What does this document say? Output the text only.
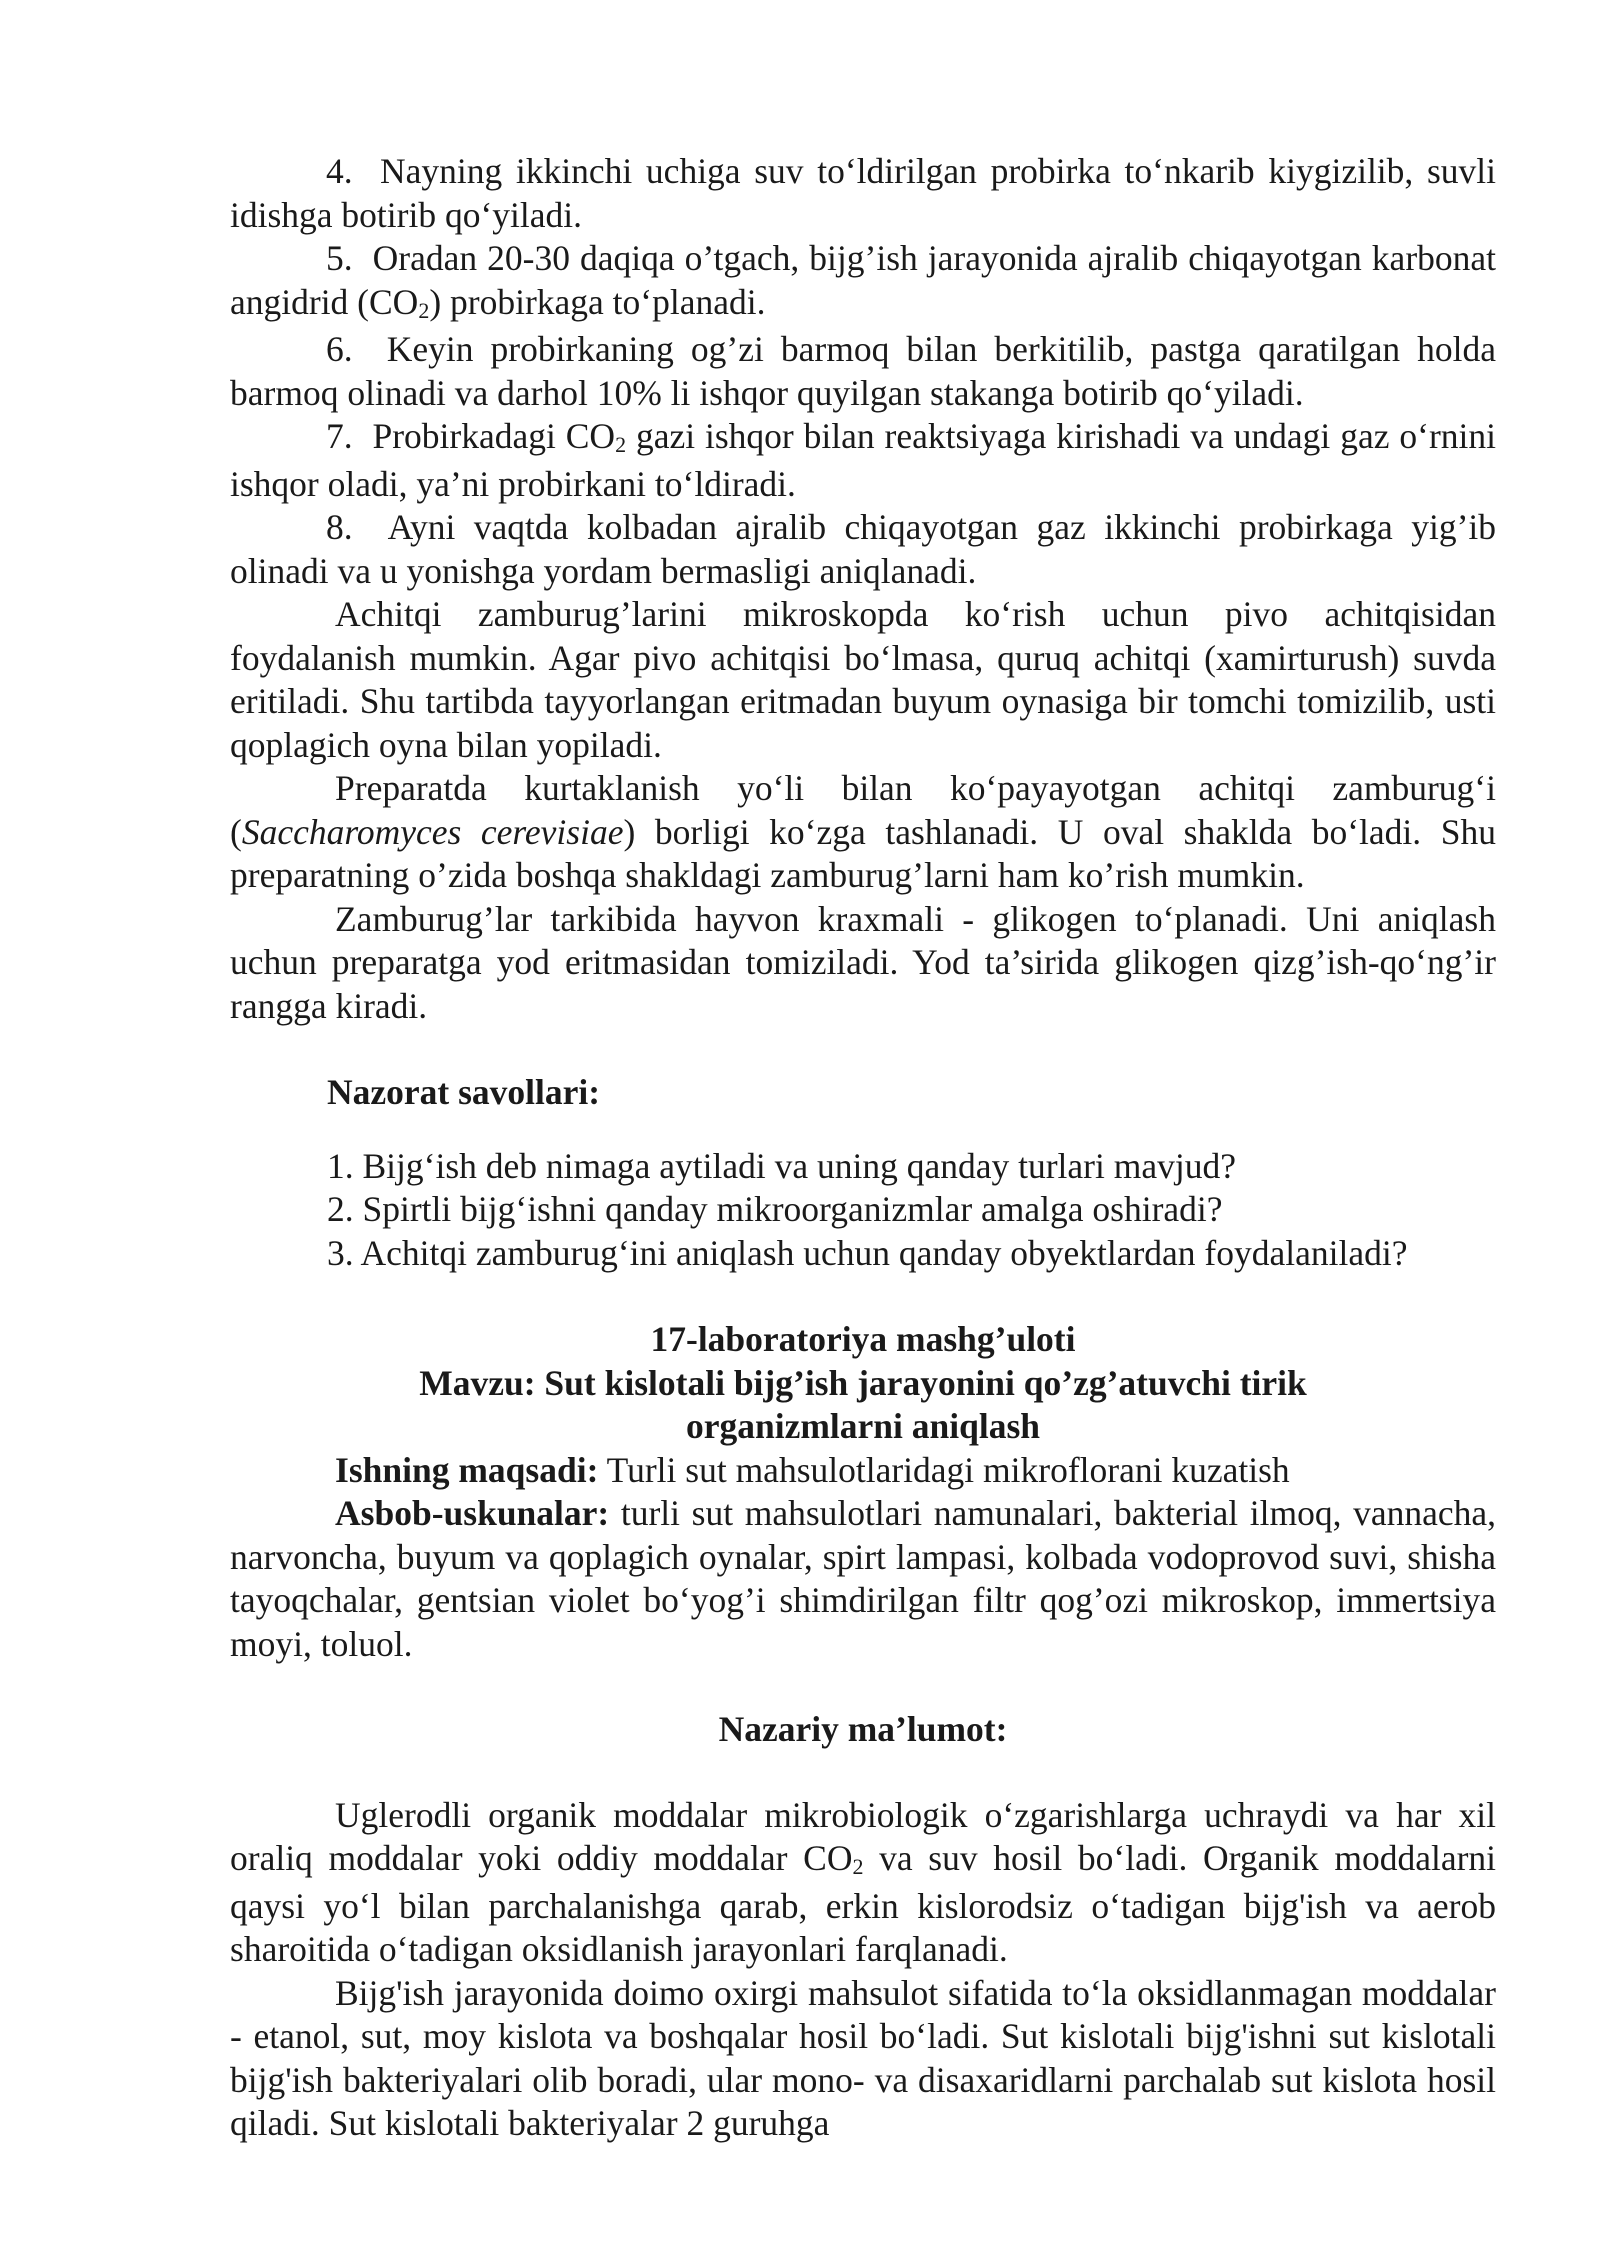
4. Nayning ikkinchi uchiga suv to‘ldirilgan probirka to‘nkarib kiygizilib, suvli idishga botirib qo‘yiladi.

5. Oradan 20-30 daqiqa o’tgach, bijg’ish jarayonida ajralib chiqayotgan karbonat angidrid $(CO_2)$ probirkaga to‘planadi.

6. Keyin probirkaning og’zi barmoq bilan berkitilib, pastga qaratilgan holda barmoq olinadi va darhol 10% li ishqor quyilgan stakanga botirib qo‘yiladi.

7. Probirkadagi $CO_2$ gazi ishqor bilan reaktsiyaga kirishadi va undagi gaz o‘rnini ishqor oladi, ya’ni probirkani to‘ldiradi.

8. Ayni vaqtda kolbadan ajralib chiqayotgan gaz ikkinchi probirkaga yig’ib olinadi va u yonishga yordam bermasligi aniqlanadi.

Achitqi zamburug’larini mikroskopda ko‘rish uchun pivo achitqisidan foydalanish mumkin. Agar pivo achitqisi bo‘lmasa, quruq achitqi (xamirturush) suvda eritiladi. Shu tartibda tayyorlangan eritmadan buyum oynasiga bir tomchi tomizilib, usti qoplagich oyna bilan yopiladi.

Preparatda kurtaklanish yo‘li bilan ko‘payayotgan achitqi zamburug‘i (Saccharomyces cerevisiae) borligi ko‘zga tashlanadi. U oval shaklda bo‘ladi. Shu preparatning o’zida boshqa shakldagi zamburug’larni ham ko’rish mumkin.

Zamburug’lar tarkibida hayvon kraxmali - glikogen to‘planadi. Uni aniqlash uchun preparatga yod eritmasidan tomiziladi. Yod ta’sirida glikogen qizg’ish-qo‘ng’ir rangga kiradi.

Nazorat savollari:
1. Bijg‘ish deb nimaga aytiladi va uning qanday turlari mavjud?
2. Spirtli bijg‘ishni qanday mikroorganizmlar amalga oshiradi?
3. Achitqi zamburug‘ini aniqlash uchun qanday obyektlardan foydalaniladi?
17-laboratoriya mashg’uloti
Mavzu: Sut kislotali bijg’ish jarayonini qo’zg’atuvchi tirik
organizmlarni aniqlash

Ishning maqsadi: Turli sut mahsulotlaridagi mikroflorani kuzatish

Asbob-uskunalar: turli sut mahsulotlari namunalari, bakterial ilmoq, vannacha, narvoncha, buyum va qoplagich oynalar, spirt lampasi, kolbada vodoprovod suvi, shisha tayoqchalar, gentsian violet bo‘yog’i shimdirilgan filtr qog’ozi mikroskop, immertsiya moyi, toluol.

Nazariy ma’lumot:

Uglerodli organik moddalar mikrobiologik o‘zgarishlarga uchraydi va har xil oraliq moddalar yoki oddiy moddalar $CO_2$ va suv hosil bo‘ladi. Organik moddalarni qaysi yo‘l bilan parchalanishga qarab, erkin kislorodsiz o‘tadigan bijg'ish va aerob sharoitida o‘tadigan oksidlanish jarayonlari farqlanadi.

Bijg'ish jarayonida doimo oxirgi mahsulot sifatida to‘la oksidlanmagan moddalar - etanol, sut, moy kislota va boshqalar hosil bo‘ladi. Sut kislotali bijg'ishni sut kislotali bijg'ish bakteriyalari olib boradi, ular mono- va disaxaridlarni parchalab sut kislota hosil qiladi. Sut kislotali bakteriyalar 2 guruhga
